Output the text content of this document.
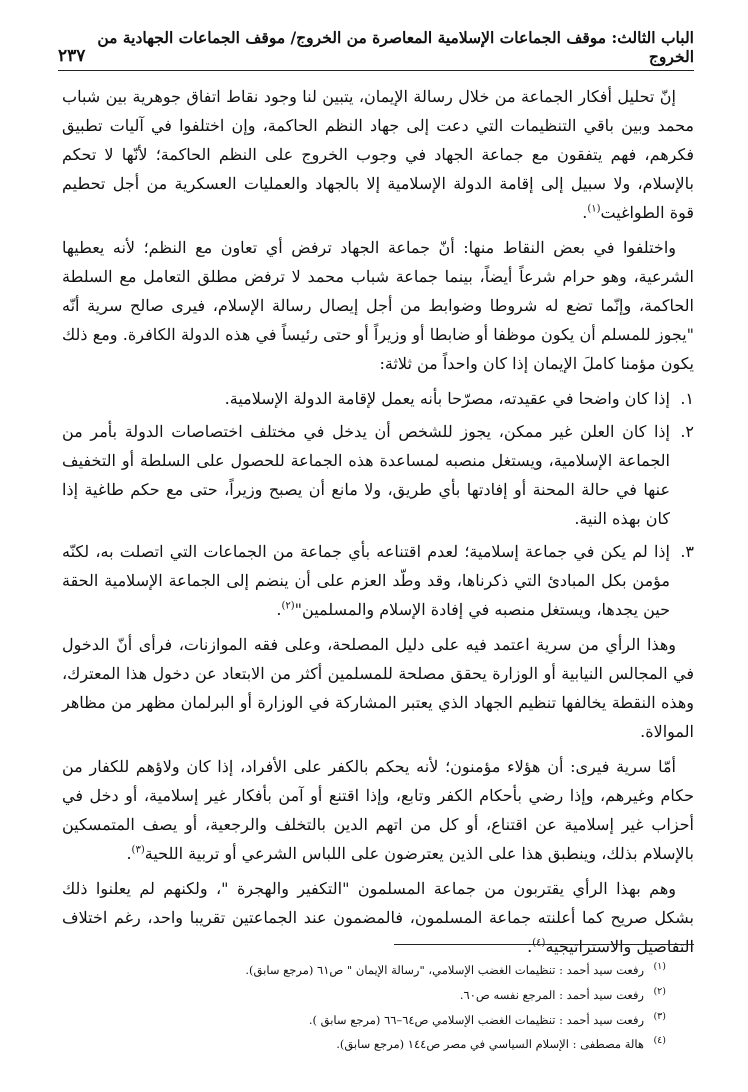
الباب الثالث: موقف الجماعات الإسلامية المعاصرة من الخروج/ موقف الجماعات الجهادية من الخروج
٢٣٧

إنّ تحليل أفكار الجماعة من خلال رسالة الإيمان، يتبين لنا وجود نقاط اتفاق جوهرية بين شباب محمد وبين باقي التنظيمات التي دعت إلى جهاد النظم الحاكمة، وإن اختلفوا في آليات تطبيق فكرهم، فهم يتفقون مع جماعة الجهاد في وجوب الخروج على النظم الحاكمة؛ لأنّها لا تحكم بالإسلام، ولا سبيل إلى إقامة الدولة الإسلامية إلا بالجهاد والعمليات العسكرية من أجل تحطيم قوة الطواغيت$^{(١)}$.

واختلفوا في بعض النقاط منها: أنّ جماعة الجهاد ترفض أي تعاون مع النظم؛ لأنه يعطيها الشرعية، وهو حرام شرعاً أيضاً، بينما جماعة شباب محمد لا ترفض مطلق التعامل مع السلطة الحاكمة، وإنّما تضع له شروطا وضوابط من أجل إيصال رسالة الإسلام، فيرى صالح سرية أنّه "يجوز للمسلم أن يكون موظفا أو ضابطا أو وزيراً أو حتى رئيساً في هذه الدولة الكافرة. ومع ذلك يكون مؤمنا كاملَ الإيمان إذا كان واحداً من ثلاثة:

١.إذا كان واضحا في عقيدته، مصرّحا بأنه يعمل لإقامة الدولة الإسلامية.
٢.إذا كان العلن غير ممكن، يجوز للشخص أن يدخل في مختلف اختصاصات الدولة بأمر من الجماعة الإسلامية، ويستغل منصبه لمساعدة هذه الجماعة للحصول على السلطة أو التخفيف عنها في حالة المحنة أو إفادتها بأي طريق، ولا مانع أن يصبح وزيراً، حتى مع حكم طاغية إذا كان بهذه النية.
٣.إذا لم يكن في جماعة إسلامية؛ لعدم اقتناعه بأي جماعة من الجماعات التي اتصلت به، لكنّه مؤمن بكل المبادئ التي ذكرناها، وقد وطّد العزم على أن ينضم إلى الجماعة الإسلامية الحقة حين يجدها، ويستغل منصبه في إفادة الإسلام والمسلمين"$^{(٢)}$.

وهذا الرأي من سرية اعتمد فيه على دليل المصلحة، وعلى فقه الموازنات، فرأى أنّ الدخول في المجالس النيابية أو الوزارة يحقق مصلحة للمسلمين أكثر من الابتعاد عن دخول هذا المعترك، وهذه النقطة يخالفها تنظيم الجهاد الذي يعتبر المشاركة في الوزارة أو البرلمان مظهر من مظاهر الموالاة.

أمّا سرية فيرى: أن هؤلاء مؤمنون؛ لأنه يحكم بالكفر على الأفراد، إذا كان ولاؤهم للكفار من حكام وغيرهم، وإذا رضي بأحكام الكفر وتابع، وإذا اقتنع أو آمن بأفكار غير إسلامية، أو دخل في أحزاب غير إسلامية عن اقتناع، أو كل من اتهم الدين بالتخلف والرجعية، أو يصف المتمسكين بالإسلام بذلك، وينطبق هذا على الذين يعترضون على اللباس الشرعي أو تربية اللحية$^{(٣)}$.

وهم بهذا الرأي يقتربون من جماعة المسلمون "التكفير والهجرة "، ولكنهم لم يعلنوا ذلك بشكل صريح كما أعلنته جماعة المسلمون، فالمضمون عند الجماعتين تقريبا واحد، رغم اختلاف التفاصيل والاستراتيجية$^{(٤)}$.

(١)رفعت سيد أحمد : تنظيمات الغضب الإسلامي، "رسالة الإيمان " ص٦١ (مرجع سابق).
(٢)رفعت سيد أحمد : المرجع نفسه ص٦٠.
(٣)رفعت سيد أحمد : تنظيمات الغضب الإسلامي ص٦٤–٦٦ (مرجع سابق ).
(٤)هالة مصطفى : الإسلام السياسي في مصر ص١٤٤ (مرجع سابق).
